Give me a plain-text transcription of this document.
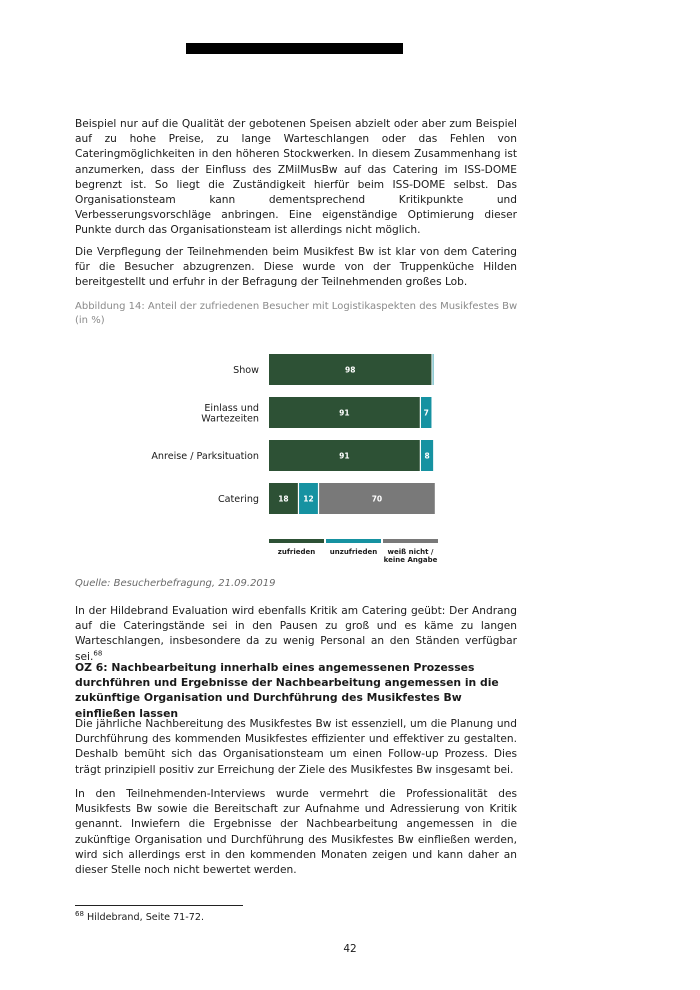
Beispiel nur auf die Qualität der gebotenen Speisen abzielt oder aber zum Beispiel auf zu hohe Preise, zu lange Warteschlangen oder das Fehlen von Cateringmöglichkeiten in den höheren Stockwerken. In diesem Zusammenhang ist anzumerken, dass der Einfluss des ZMilMusBw auf das Catering im ISS-DOME begrenzt ist. So liegt die Zuständigkeit hierfür beim ISS-DOME selbst. Das Organisationsteam kann dementsprechend Kritikpunkte und Verbesserungsvorschläge anbringen. Eine eigenständige Optimierung dieser Punkte durch das Organisationsteam ist allerdings nicht möglich.

Die Verpflegung der Teilnehmenden beim Musikfest Bw ist klar von dem Catering für die Besucher abzugrenzen. Diese wurde von der Truppenküche Hilden bereitgestellt und erfuhr in der Befragung der Teilnehmenden großes Lob.

Abbildung 14: Anteil der zufriedenen Besucher mit Logistikaspekten des Musikfestes Bw (in %)

Show	98
Einlass und Wartezeiten
91	7
Anreise / Parksituation	91	8
Catering	18 12	70
zufrieden unzufrieden	weiß nicht / keine Angabe

Quelle: Besucherbefragung, 21.09.2019

In der Hildebrand Evaluation wird ebenfalls Kritik am Catering geübt: Der Andrang auf die Cateringstände sei in den Pausen zu groß und es käme zu langen Warteschlangen, insbesondere da zu wenig Personal an den Ständen verfügbar sei.$^{68}$

OZ 6: Nachbearbeitung innerhalb eines angemessenen Prozesses durchführen und Ergebnisse der Nachbearbeitung angemessen in die zukünftige Organisation und Durchführung des Musikfestes Bw einfließen lassen

Die jährliche Nachbereitung des Musikfestes Bw ist essenziell, um die Planung und Durchführung des kommenden Musikfestes effizienter und effektiver zu gestalten. Deshalb bemüht sich das Organisationsteam um einen Follow-up Prozess. Dies trägt prinzipiell positiv zur Erreichung der Ziele des Musikfestes Bw insgesamt bei.

In den Teilnehmenden-Interviews wurde vermehrt die Professionalität des Musikfests Bw sowie die Bereitschaft zur Aufnahme und Adressierung von Kritik genannt. Inwiefern die Ergebnisse der Nachbearbeitung angemessen in die zukünftige Organisation und Durchführung des Musikfestes Bw einfließen werden, wird sich allerdings erst in den kommenden Monaten zeigen und kann daher an dieser Stelle noch nicht bewertet werden.

$^{68}$ Hildebrand, Seite 71-72.

42
